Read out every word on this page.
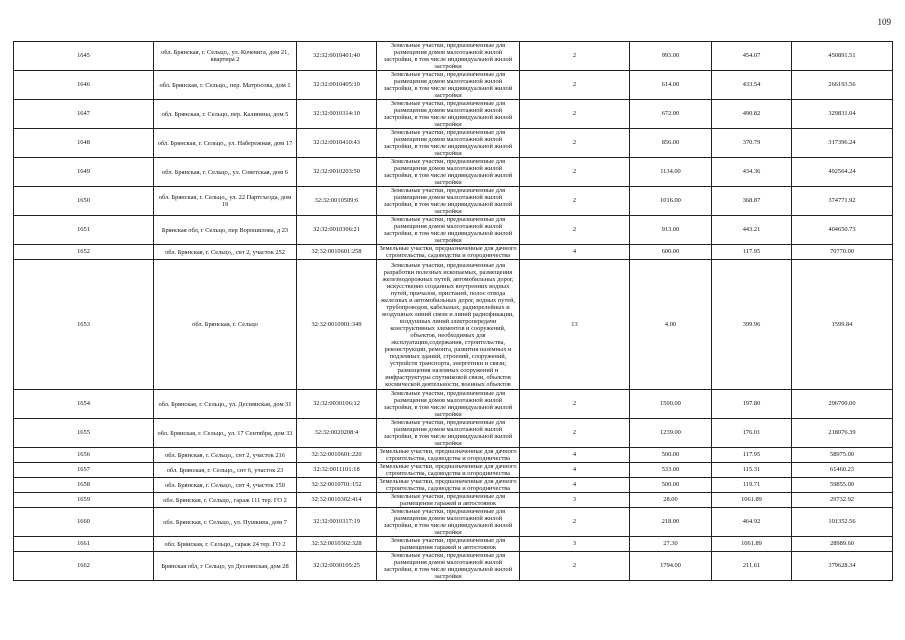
109
1645	обл. Брянская, г. Сельцо,, ул. Кочевига, дом 21, квартира 2	32:32:0010401:40	Земельные участки, предназначенные для размещения домов малоэтажной жилой застройки, в том числе индивидуальной жилой застройки	2	993.00	454.07	450891.51
1646	обл. Брянская, г. Сельцо,, пер. Матросова, дом 1	32:32:0010405:10	Земельные участки, предназначенные для размещения домов малоэтажной жилой застройки, в том числе индивидуальной жилой застройки	2	614.00	433.54	266193.56
1647	обл. Брянская, г. Сельцо, пер. Калинина, дом 5	32:32:0010314:10	Земельные участки, предназначенные для размещения домов малоэтажной жилой застройки, в том числе индивидуальной жилой застройки	2	672.00	490.82	329831.04
1648	обл. Брянская, г. Сельцо,, ул. Набережная, дом 17	32:32:0010410:43	Земельные участки, предназначенные для размещения домов малоэтажной жилой застройки, в том числе индивидуальной жилой застройки	2	856.00	370.79	317396.24
1649	обл. Брянская, г. Сельцо,, ул. Советская, дом 6	32:32:0010203:50	Земельные участки, предназначенные для размещения домов малоэтажной жилой застройки, в том числе индивидуальной жилой застройки	2	1134.00	434.36	492564.24
1650	обл. Брянская, г. Сельцо,, ул. 22 Партсъезда, дом 19	32:32:0010509:6	Земельные участки, предназначенные для размещения домов малоэтажной жилой застройки, в том числе индивидуальной жилой застройки	2	1016.00	368.87	374771.92
1651	Брянская обл, г Сельцо, пер Ворошилова, д 23	32:32:0010306:21	Земельные участки, предназначенные для размещения домов малоэтажной жилой застройки, в том числе индивидуальной жилой застройки	2	913.00	443.21	404650.73
1652	обл. Брянская, г. Сельцо,, снт 2, участок 252	32:32:0010601:258	Земельные участки, предназначенные для дачного строительства, садоводства и огородничества	4	600.00	117.95	70770.00
1653	обл. Брянская, г. Сельцо	32:32:0010901:349	Земельные участки, предназначенные для разработки полезных ископаемых, размещения железнодорожных путей, автомобильных дорог, искусственно созданных внутренних водных путей, причалов, пристаней, полос отвода железных и автомобильных дорог, водных путей, трубопроводов, кабельных, радиорелейных и воздушных линий связи и линий радиофикации, воздушных линий электропередачи конструктивных элементов и сооружений, объектов, необходимых для эксплуатации,содержания, строительства, реконструкции, ремонта, развития наземных и подземных зданий, строений, сооружений, устройств транспорта, энергетики и связи; размещения наземных сооружений и инфраструктуры спутниковой связи, объектов космической деятельности, военных объектов	13	4.00	399.96	1599.84
1654	обл. Брянская, г. Сельцо,, ул. Деснянская, дом 31	32:32:0030106:12	Земельные участки, предназначенные для размещения домов малоэтажной жилой застройки, в том числе индивидуальной жилой застройки	2	1500.00	197.80	296700.00
1655	обл. Брянская, г. Сельцо,, ул. 17 Сентября, дом 33	32:32:0020208:4	Земельные участки, предназначенные для размещения домов малоэтажной жилой застройки, в том числе индивидуальной жилой застройки	2	1239.00	176.01	218076.39
1656	обл. Брянская, г. Сельцо,, снт 2, участок 216	32:32:0010601:220	Земельные участки, предназначенные для дачного строительства, садоводства и огородничества	4	500.00	117.95	58975.00
1657	обл. Брянская, г. Сельцо,, снт 6, участок 23	32:32:0011101:18	Земельные участки, предназначенные для дачного строительства, садоводства и огородничества	4	533.00	115.31	61460.23
1658	обл. Брянская, г. Сельцо,, снт 4, участок 150	32:32:0010701:152	Земельные участки, предназначенные для дачного строительства, садоводства и огородничества	4	500.00	119.71	59855.00
1659	обл. Брянская, г. Сельцо,, гараж 111 тер. ГО 2	32:32:0010302:414	Земельные участки, предназначенные для размещения гаражей и автостоянок	3	28.00	1061.89	29732.92
1660	обл. Брянская, г. Сельцо,, ул. Пушкина, дом 7	32:32:0010317:19	Земельные участки, предназначенные для размещения домов малоэтажной жилой застройки, в том числе индивидуальной жилой застройки	2	218.00	464.92	101352.56
1661	обл. Брянская, г. Сельцо,, гараж 24 тер. ГО 2	32:32:0010302:328	Земельные участки, предназначенные для размещения гаражей и автостоянок	3	27.30	1061.89	28989.60
1662	Брянская обл, г Сельцо, ул Деснянская, дом 28	32:32:0030105:25	Земельные участки, предназначенные для размещения домов малоэтажной жилой застройки, в том числе индивидуальной жилой застройки	2	1794.00	211.61	379628.34
